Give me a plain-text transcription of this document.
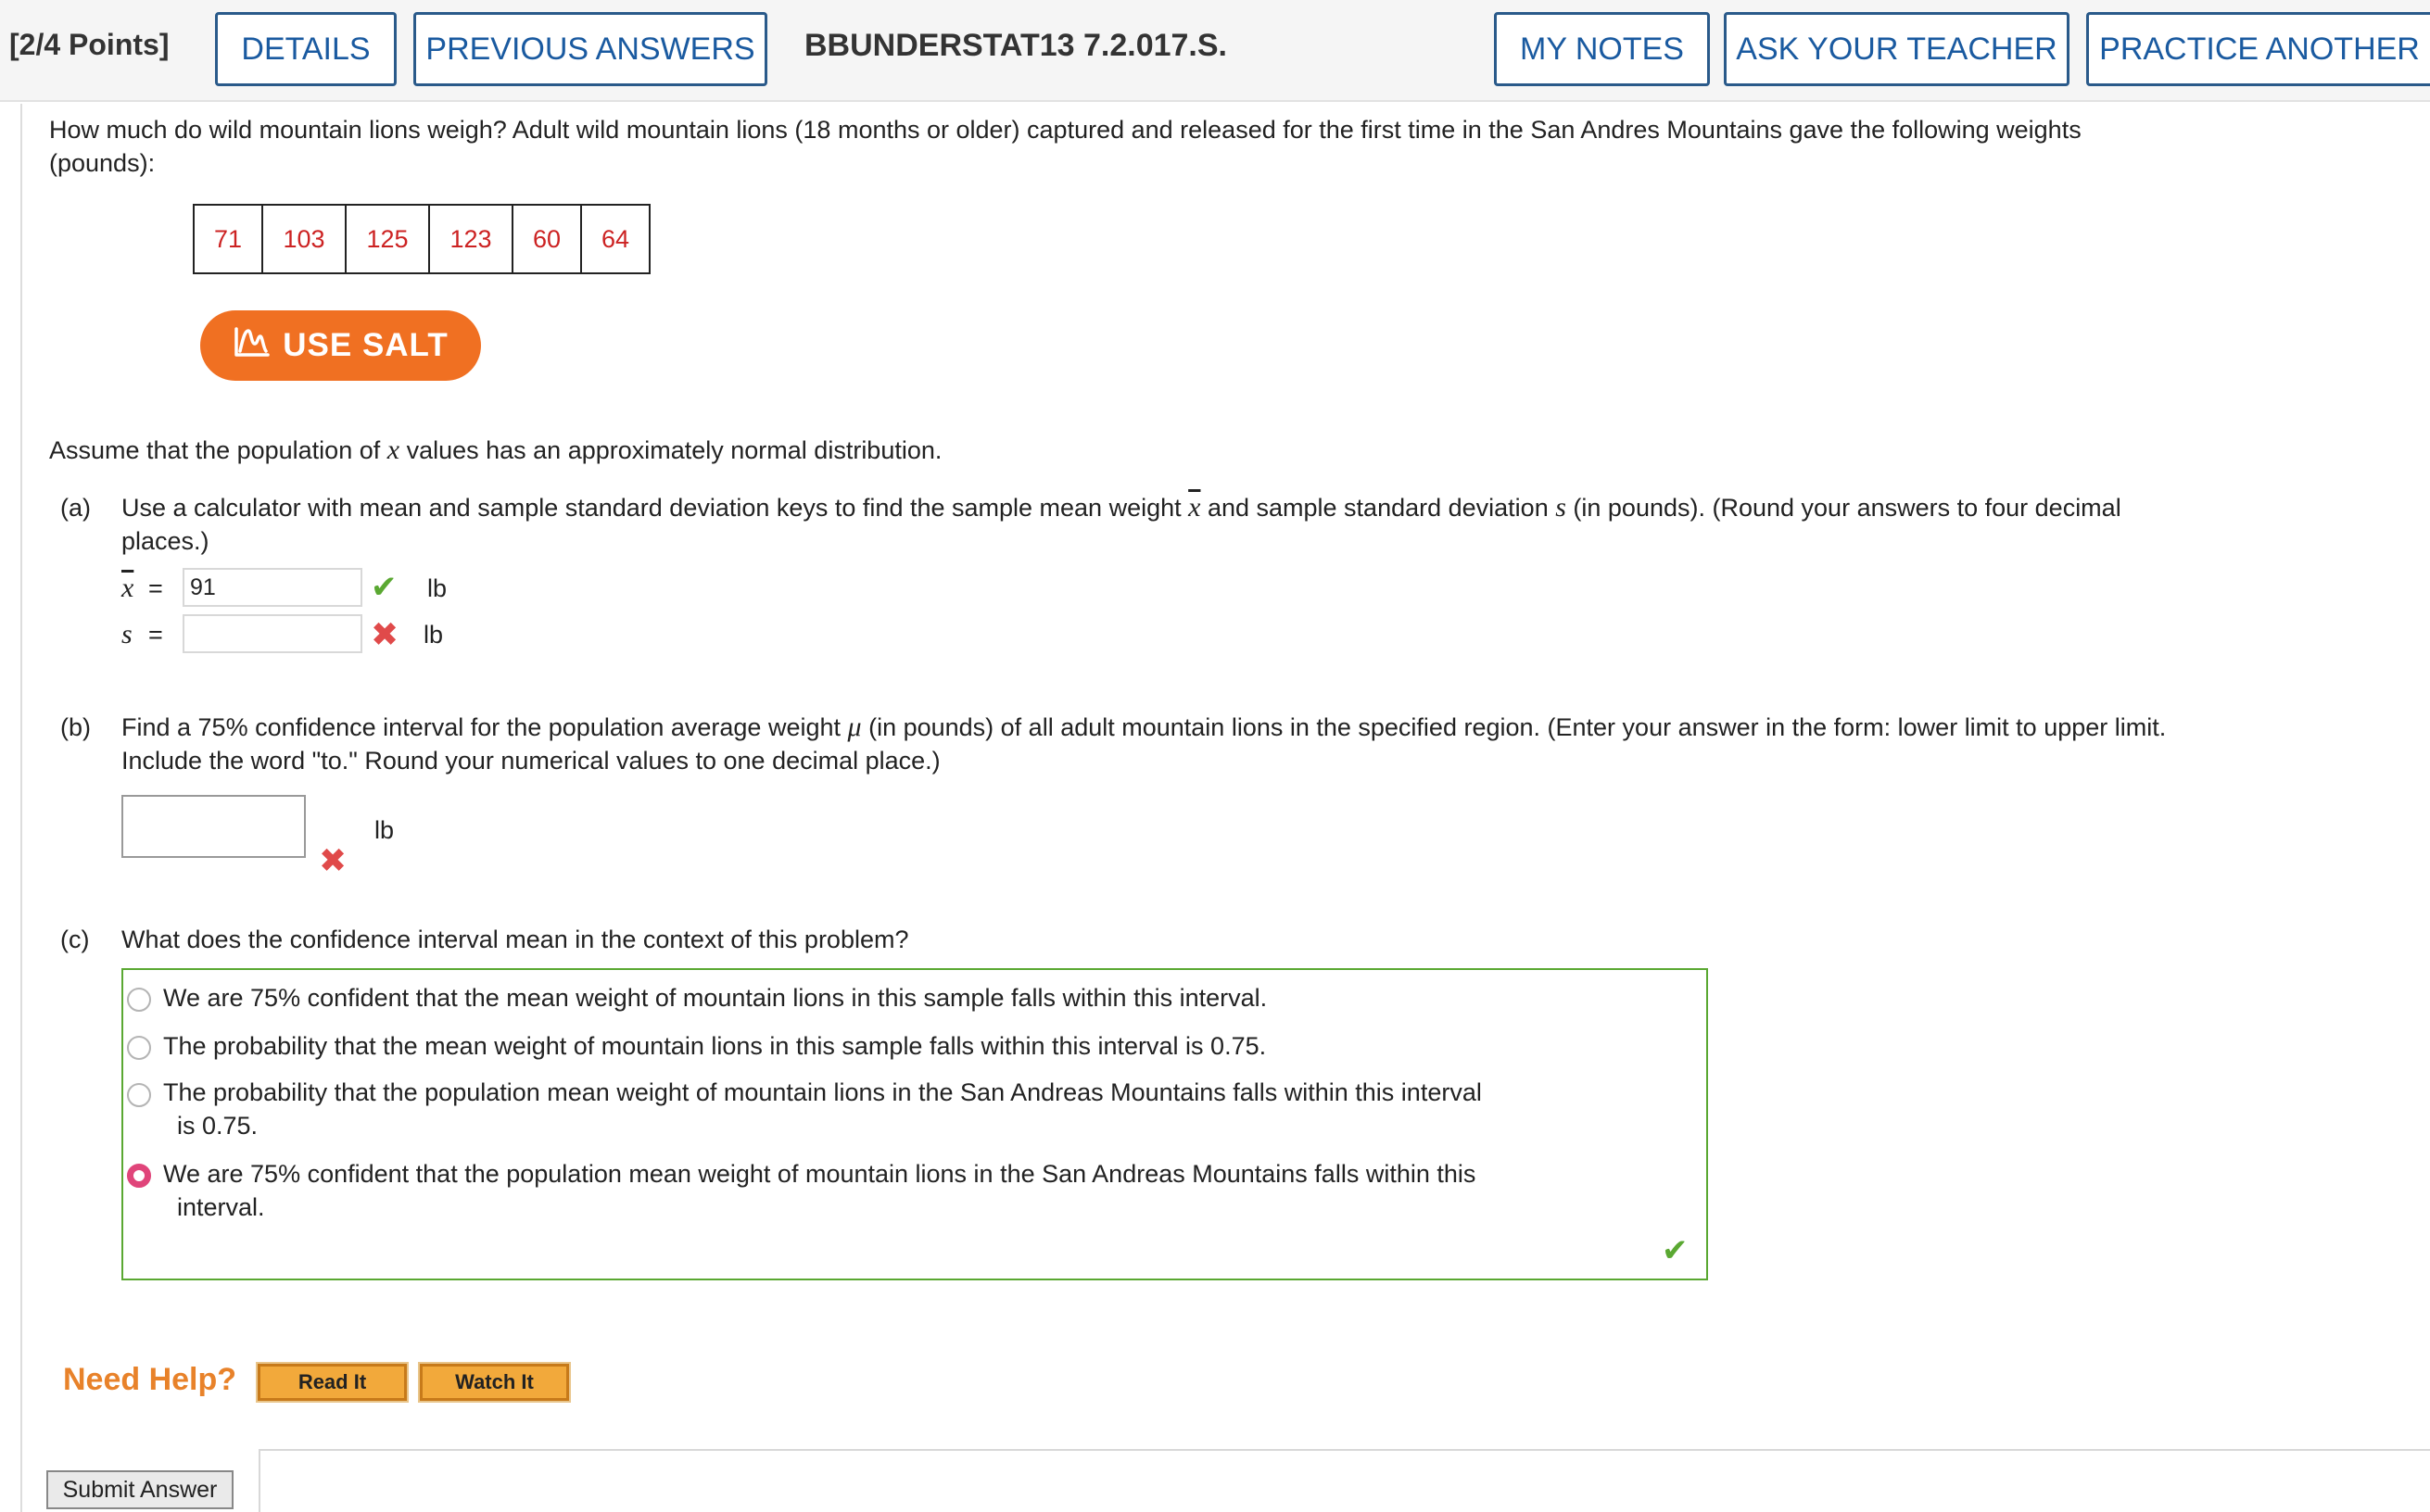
[2/4 Points]	DETAILS	PREVIOUS ANSWERS	BBUNDERSTAT13 7.2.017.S.	MY NOTES	ASK YOUR TEACHER	PRACTICE ANOTHER
How much do wild mountain lions weigh? Adult wild mountain lions (18 months or older) captured and released for the first time in the San Andres Mountains gave the following weights
(pounds):
71	103	125	123	60	64
USE SALT
Assume that the population of x values has an approximately normal distribution.
(a) Use a calculator with mean and sample standard deviation keys to find the sample mean weight $\overline{x}$ and sample standard deviation s (in pounds). (Round your answers to four decimal
places.)
$\overline{x}$ =	91	✔ lb
s =	✖ lb
(b) Find a 75% confidence interval for the population average weight μ (in pounds) of all adult mountain lions in the specified region. (Enter your answer in the form: lower limit to upper limit.
Include the word "to." Round your numerical values to one decimal place.)
lb
✖
(c) What does the confidence interval mean in the context of this problem?
We are 75% confident that the mean weight of mountain lions in this sample falls within this interval.
The probability that the mean weight of mountain lions in this sample falls within this interval is 0.75.
The probability that the population mean weight of mountain lions in the San Andreas Mountains falls within this interval
is 0.75.
We are 75% confident that the population mean weight of mountain lions in the San Andreas Mountains falls within this
interval.
✔
Need Help?	Read It	Watch It
Submit Answer
